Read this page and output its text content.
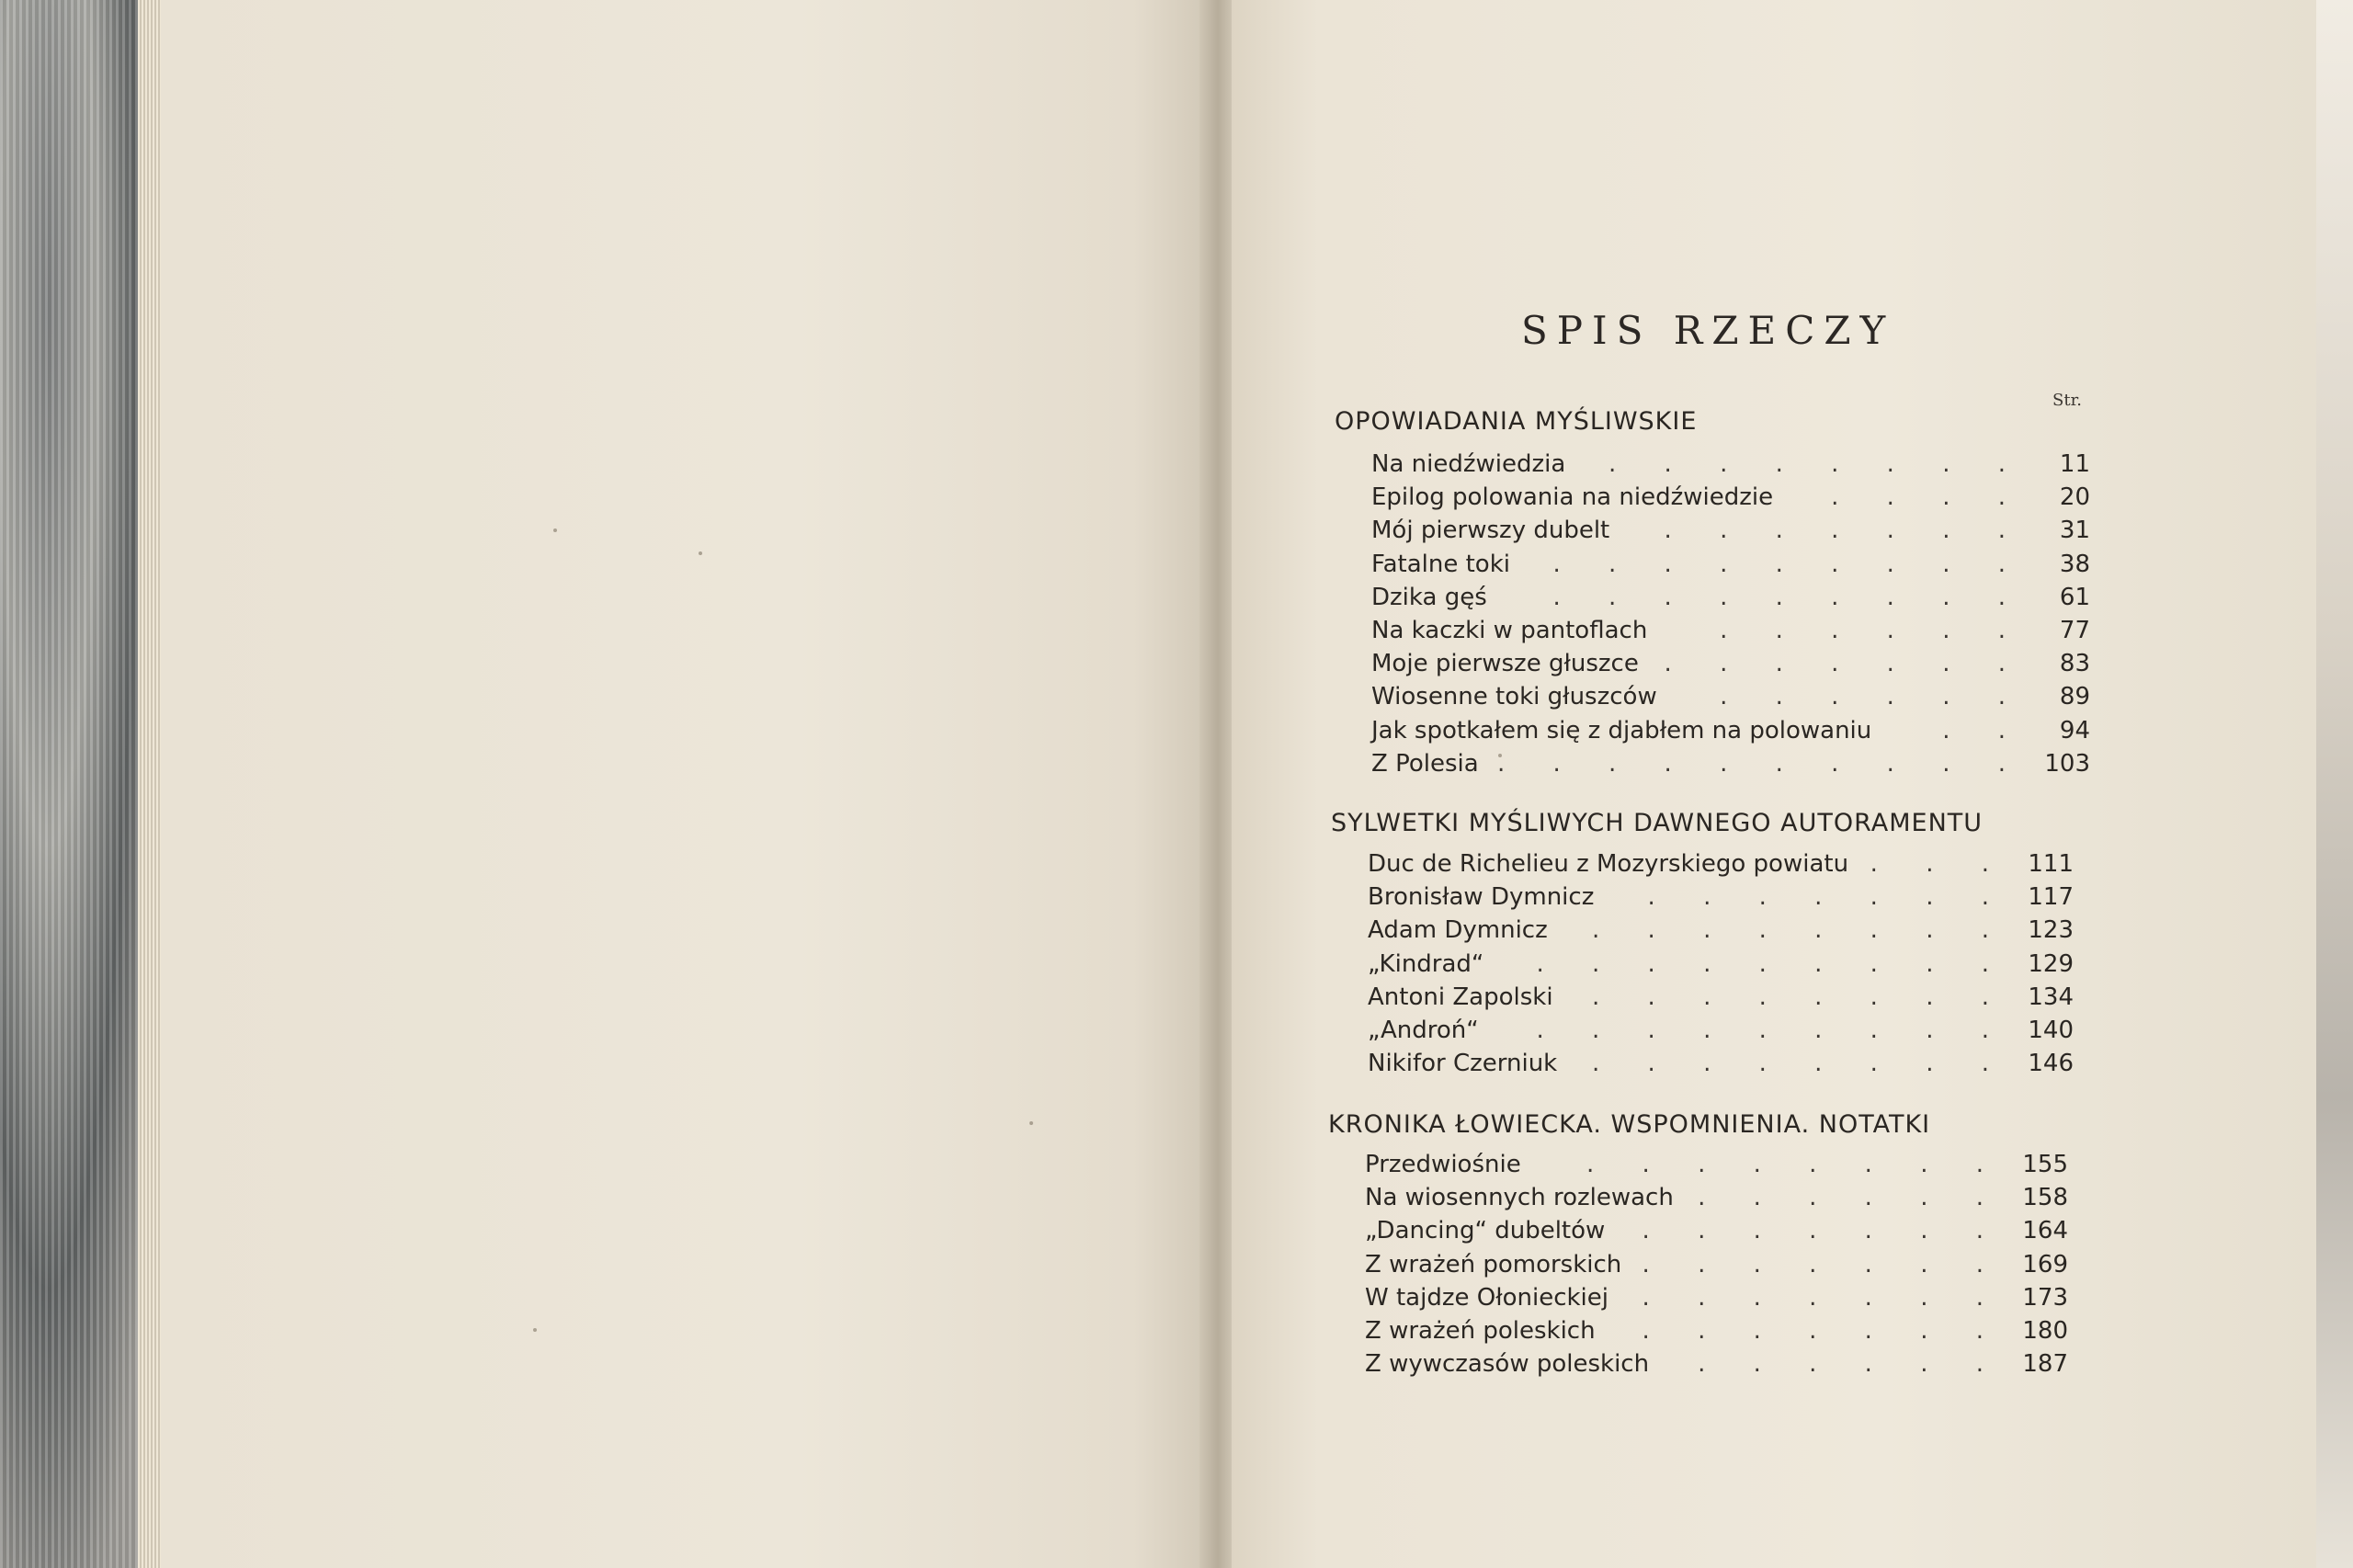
SPIS RZECZY
Str.
OPOWIADANIA MYŚLIWSKIE
SYLWETKI MYŚLIWYCH DAWNEGO AUTORAMENTU
KRONIKA ŁOWIECKA. WSPOMNIENIA. NOTATKI
Na niedźwiedzia . . . . . . . .	11
Epilog polowania na niedźwiedzie . . . .	20
Mój pierwszy dubelt . . . . . . .	31
Fatalne toki . . . . . . . . .	38
Dzika gęś	. . . . . . . . .	61
Na kaczki w pantoflach	. . . . . .	77
Moje pierwsze głuszce . . . . . . .	83
Wiosenne toki głuszców	. . . . . .	89
Jak spotkałem się z djabłem na polowaniu	. .	94
Z Polesia . . . . . . . . . . 103
Duc de Richelieu z Mozyrskiego powiatu . . . 111
Bronisław Dymnicz . . . . . . . 117
Adam Dymnicz . . . . . . . . 123
„Kindrad“ . . . . . . . . . 129
Antoni Zapolski . . . . . . . . 134
„Androń“ . . . . . . . . . 140
Nikifor Czerniuk . . . . . . . . 146
Przedwiośnie	. . . . . . . . 155
Na wiosennych rozlewach . . . . . . 158
„Dancing“ dubeltów . . . . . . . 164
Z wrażeń pomorskich . . . . . . . 169
W tajdze Ołonieckiej . . . . . . . 173
Z wrażeń poleskich . . . . . . . 180
Z wywczasów poleskich . . . . . . 187
